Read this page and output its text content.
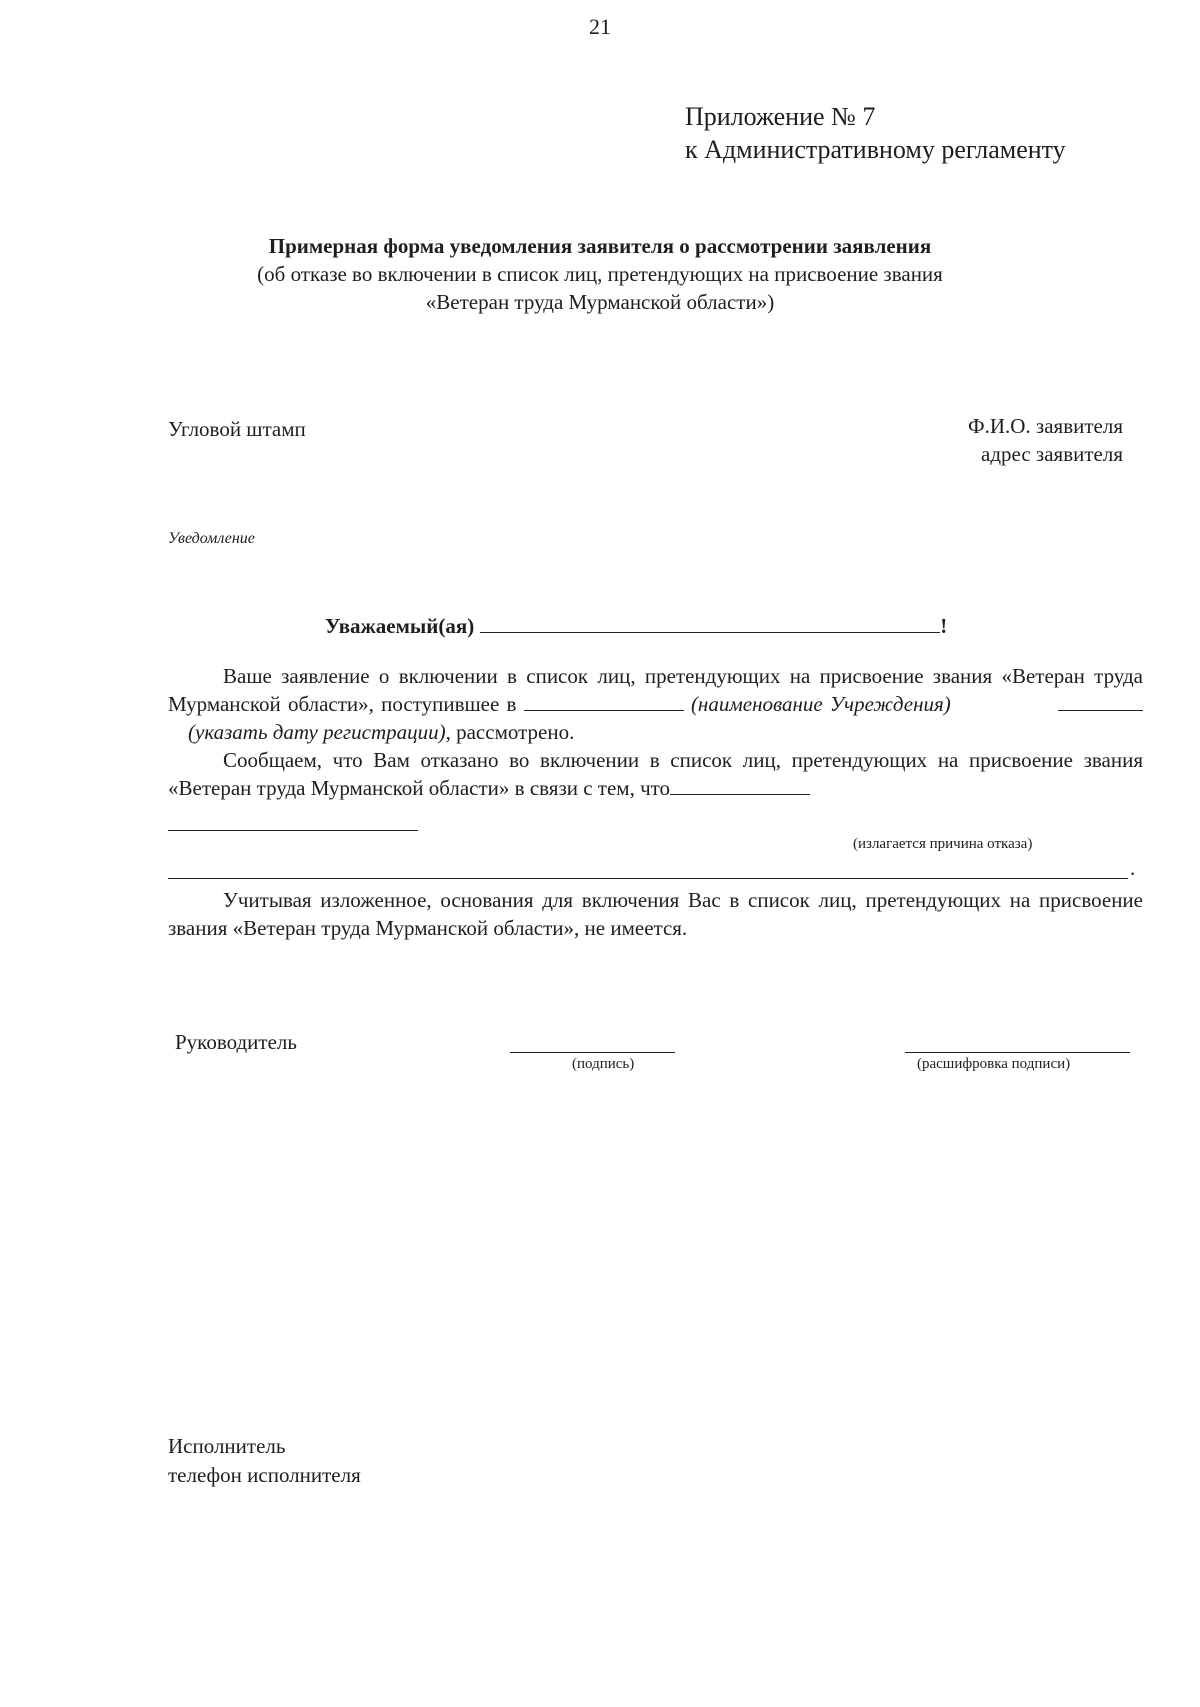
21
Приложение № 7
к Административному регламенту
Примерная форма уведомления заявителя о рассмотрении заявления
(об отказе во включении в список лиц, претендующих на присвоение звания
«Ветеран труда Мурманской области»)
Угловой штамп	Ф.И.О. заявителя
адрес заявителя
Уведомление
Уважаемый(ая)	!
Ваше заявление о включении в список лиц, претендующих на присвоение звания «Ветеран труда Мурманской области», поступившее в	(наименование Учреждения)  (указать дату регистрации), рассмотрено.
Сообщаем, что Вам отказано во включении в список лиц, претендующих на присвоение звания «Ветеран труда Мурманской области» в связи с тем, что
(излагается причина отказа)
.
Учитывая изложенное, основания для включения Вас в список лиц, претендующих на присвоение звания «Ветеран труда Мурманской области», не имеется.
Руководитель
(подпись)	(расшифровка подписи)
Исполнитель
телефон исполнителя
